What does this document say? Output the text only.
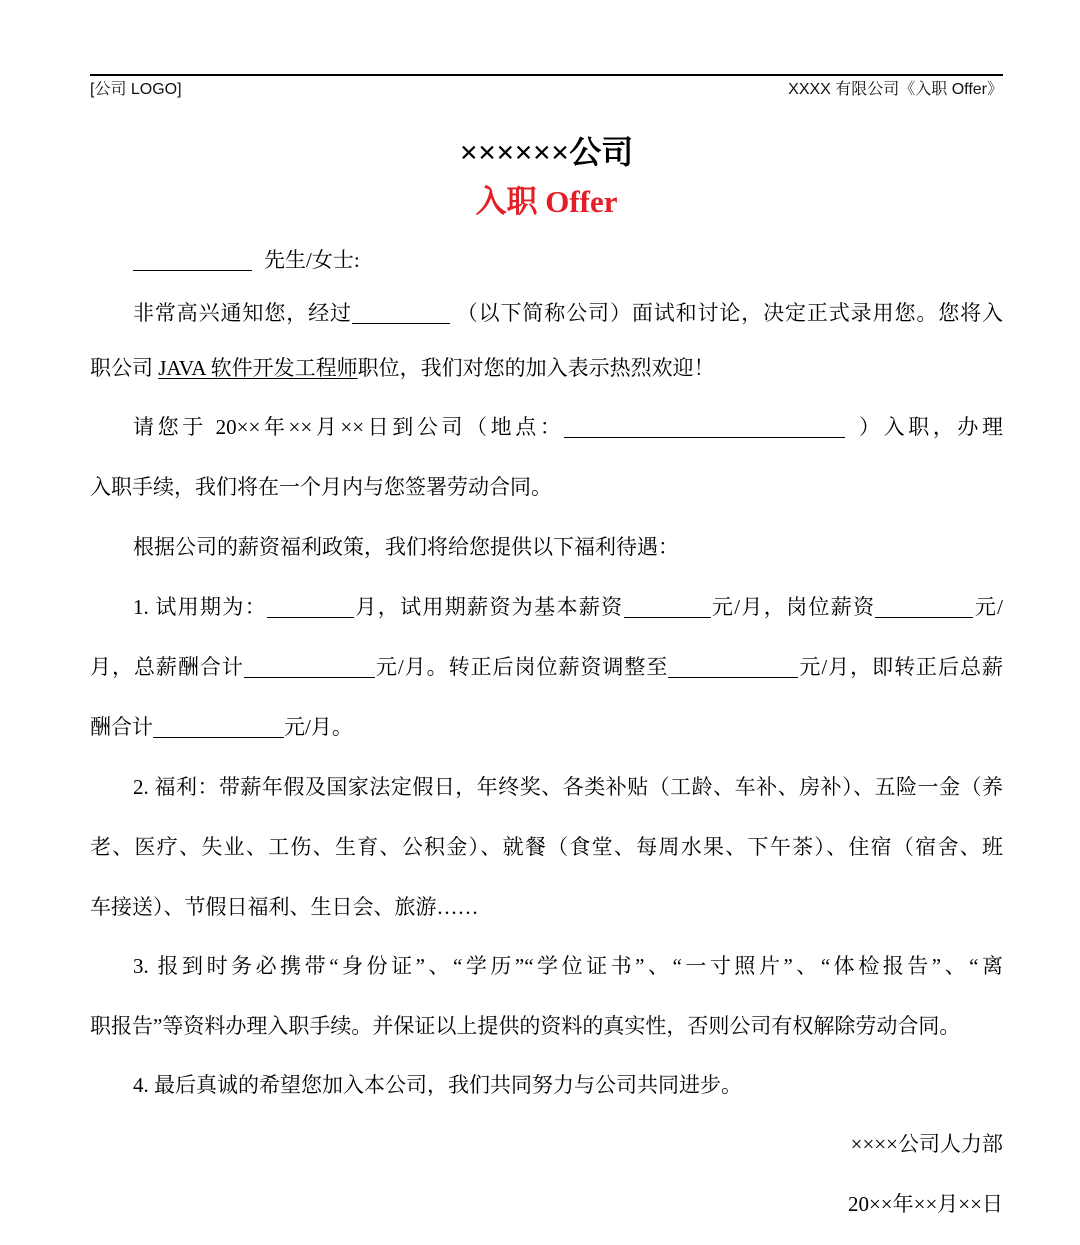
[公司 LOGO]	XXXX 有限公司《入职 Offer》
××××××公司
入职 Offer
先生/女士:
非常高兴通知您，经过	（以下简称公司）面试和讨论，决定正式录用您。您将入
职公司 JAVA 软件开发工程师职位，我们对您的加入表示热烈欢迎！
请您于 20××年××月××日到公司（地点：	）入职，办理
入职手续，我们将在一个月内与您签署劳动合同。
根据公司的薪资福利政策，我们将给您提供以下福利待遇：
1. 试用期为：	月，试用期薪资为基本薪资	元/月，岗位薪资	元/
月，总薪酬合计	元/月。转正后岗位薪资调整至	元/月，即转正后总薪
酬合计	元/月。
2. 福利：带薪年假及国家法定假日，年终奖、各类补贴（工龄、车补、房补）、五险一金（养
老、医疗、失业、工伤、生育、公积金）、就餐（食堂、每周水果、下午茶）、住宿（宿舍、班
车接送）、节假日福利、生日会、旅游……
3. 报到时务必携带“身份证”、“学历”“学位证书”、“一寸照片”、“体检报告”、“离
职报告”等资料办理入职手续。并保证以上提供的资料的真实性，否则公司有权解除劳动合同。
4. 最后真诚的希望您加入本公司，我们共同努力与公司共同进步。
××××公司人力部
20××年××月××日
